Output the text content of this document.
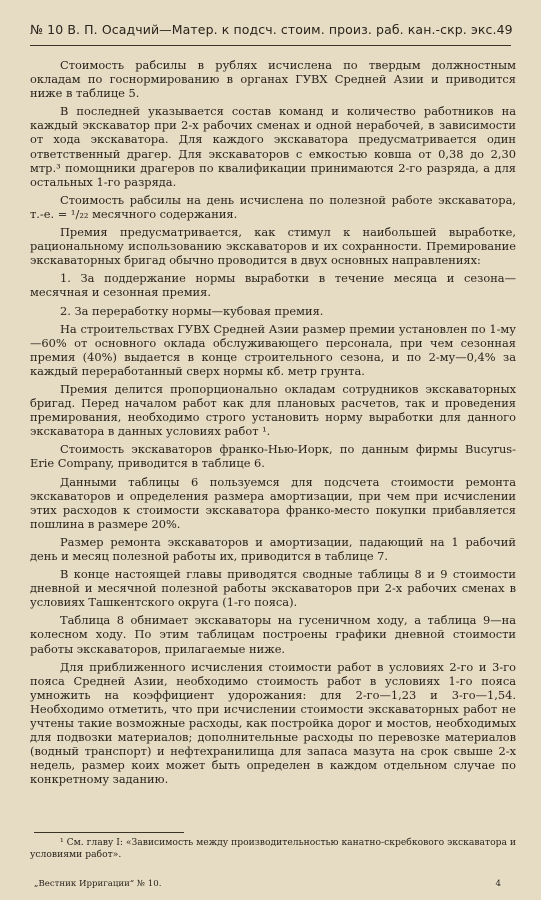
№ 10 В. П. Осадчий—Матер. к подсч. стоим. произ. раб. кан.-скр. экс. 49

Стоимость рабсилы в рублях исчислена по твердым должностным окладам по госнормированию в органах ГУВХ Средней Азии и приводится ниже в таблице 5.

В последней указывается состав команд и количество работников на каждый экскаватор при 2-х рабочих сменах и одной нерабочей, в зависимости от хода экскаватора. Для каждого экскаватора предусматривается один ответственный драгер. Для экскаваторов с емкостью ковша от 0,38 до 2,30 мтр.³ помощники драгеров по квалификации принимаются 2-го разряда, а для остальных 1-го разряда.

Стоимость рабсилы на день исчислена по полезной работе экскаватора, т.-е. = ¹/₂₂ месячного содержания.

Премия предусматривается, как стимул к наибольшей выработке, рациональному использованию экскаваторов и их сохранности. Премирование экскаваторных бригад обычно проводится в двух основных направлениях:

1. За поддержание нормы выработки в течение месяца и сезона—месячная и сезонная премия.

2. За переработку нормы—кубовая премия.

На строительствах ГУВХ Средней Азии размер премии установлен по 1-му—60% от основного оклада обслуживающего персонала, при чем сезонная премия (40%) выдается в конце строительного сезона, и по 2-му—0,4% за каждый переработанный сверх нормы кб. метр грунта.

Премия делится пропорционально окладам сотрудников экскаваторных бригад. Перед началом работ как для плановых расчетов, так и проведения премирования, необходимо строго установить норму выработки для данного экскаватора в данных условиях работ ¹.

Стоимость экскаваторов франко-Нью-Иорк, по данным фирмы Bucyrus-Erie Company, приводится в таблице 6.

Данными таблицы 6 пользуемся для подсчета стоимости ремонта экскаваторов и определения размера амортизации, при чем при исчислении этих расходов к стоимости экскаватора франко-место покупки прибавляется пошлина в размере 20%.

Размер ремонта экскаваторов и амортизации, падающий на 1 рабочий день и месяц полезной работы их, приводится в таблице 7.

В конце настоящей главы приводятся сводные таблицы 8 и 9 стоимости дневной и месячной полезной работы экскаваторов при 2-х рабочих сменах в условиях Ташкентского округа (1-го пояса).

Таблица 8 обнимает экскаваторы на гусеничном ходу, а таблица 9—на колесном ходу. По этим таблицам построены графики дневной стоимости работы экскаваторов, прилагаемые ниже.

Для приближенного исчисления стоимости работ в условиях 2-го и 3-го пояса Средней Азии, необходимо стоимость работ в условиях 1-го пояса умножить на коэффициент удорожания: для 2-го—1,23 и 3-го—1,54. Необходимо отметить, что при исчислении стоимости экскаваторных работ не учтены такие возможные расходы, как постройка дорог и мостов, необходимых для подвозки материалов; дополнительные расходы по перевозке материалов (водный транспорт) и нефтехранилища для запаса мазута на срок свыше 2-х недель, размер коих может быть определен в каждом отдельном случае по конкретному заданию.

¹ См. главу I: «Зависимость между производительностью канатно-скребкового экскаватора и условиями работ».
„Вестник Ирригации“ № 10.	4
